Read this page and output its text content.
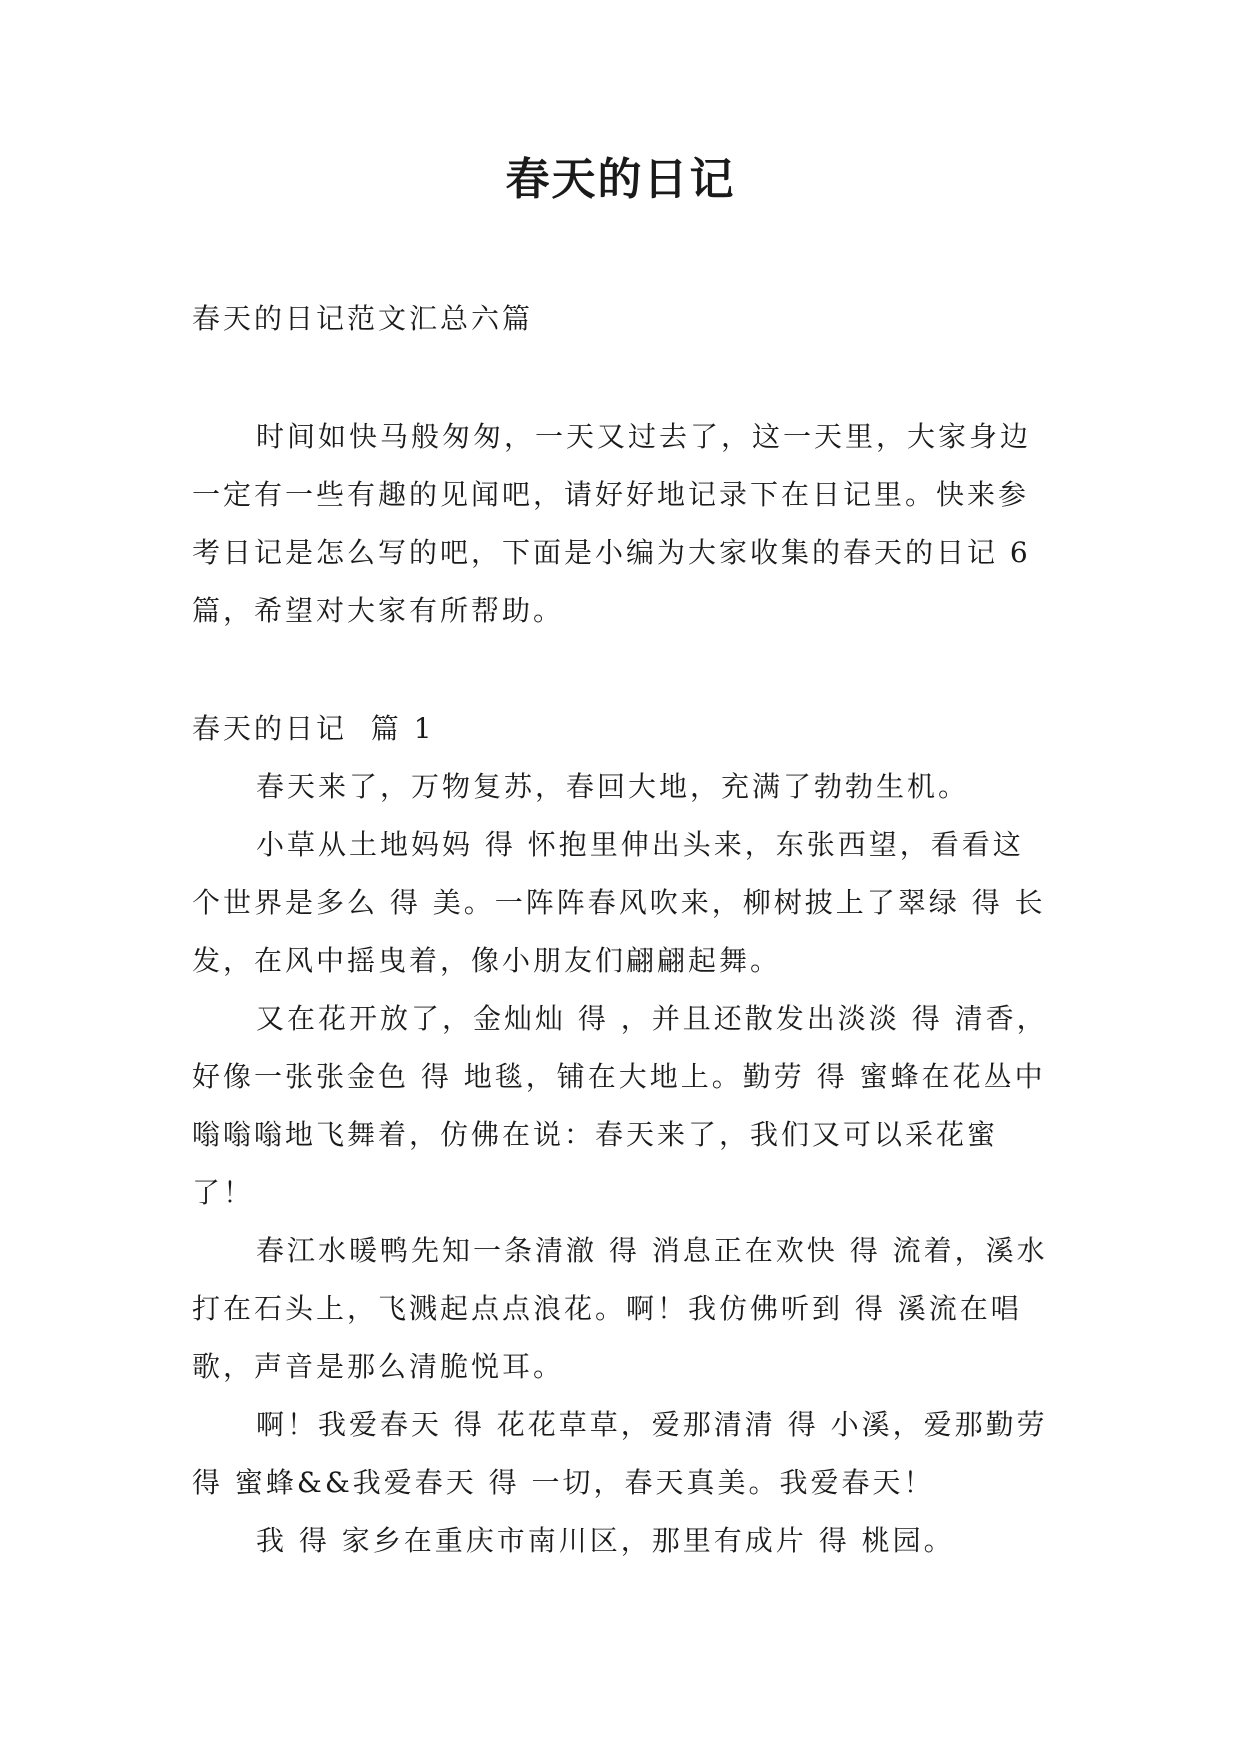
春天的日记

春天的日记范文汇总六篇

时间如快马般匆匆，一天又过去了，这一天里，大家身边一定有一些有趣的见闻吧，请好好地记录下在日记里。快来参考日记是怎么写的吧，下面是小编为大家收集的春天的日记 6 篇，希望对大家有所帮助。

春天的日记  篇 1

春天来了，万物复苏，春回大地，充满了勃勃生机。

小草从土地妈妈 得 怀抱里伸出头来，东张西望，看看这个世界是多么 得 美。一阵阵春风吹来，柳树披上了翠绿 得 长发，在风中摇曳着，像小朋友们翩翩起舞。

又在花开放了，金灿灿 得 ，并且还散发出淡淡 得 清香，好像一张张金色 得 地毯，铺在大地上。勤劳 得 蜜蜂在花丛中嗡嗡嗡地飞舞着，仿佛在说：春天来了，我们又可以采花蜜了！

春江水暖鸭先知一条清澈 得 消息正在欢快 得 流着，溪水打在石头上，飞溅起点点浪花。啊！我仿佛听到 得 溪流在唱歌，声音是那么清脆悦耳。

啊！我爱春天 得 花花草草，爱那清清 得 小溪，爱那勤劳 得 蜜蜂&&我爱春天 得 一切，春天真美。我爱春天！

我 得 家乡在重庆市南川区，那里有成片 得 桃园。
